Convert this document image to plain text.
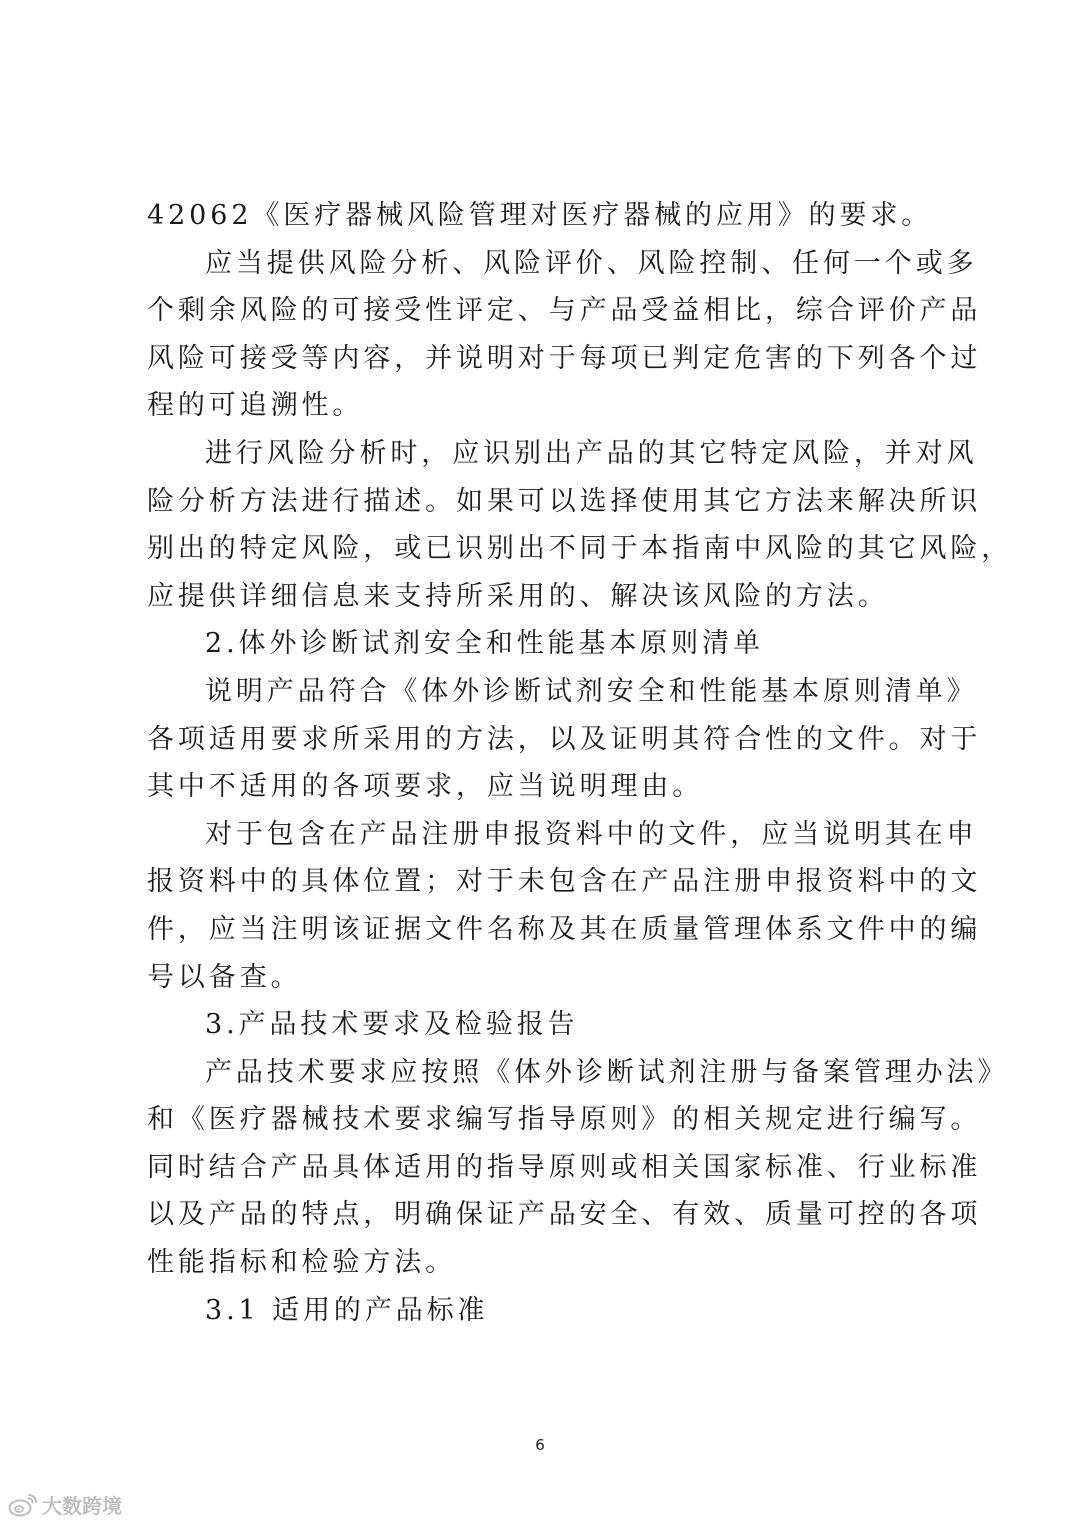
42062《医疗器械风险管理对医疗器械的应用》的要求。
应当提供风险分析、风险评价、风险控制、任何一个或多
个剩余风险的可接受性评定、与产品受益相比，综合评价产品
风险可接受等内容，并说明对于每项已判定危害的下列各个过
程的可追溯性。
进行风险分析时，应识别出产品的其它特定风险，并对风
险分析方法进行描述。如果可以选择使用其它方法来解决所识
别出的特定风险，或已识别出不同于本指南中风险的其它风险，
应提供详细信息来支持所采用的、解决该风险的方法。
2.体外诊断试剂安全和性能基本原则清单
说明产品符合《体外诊断试剂安全和性能基本原则清单》
各项适用要求所采用的方法，以及证明其符合性的文件。对于
其中不适用的各项要求，应当说明理由。
对于包含在产品注册申报资料中的文件，应当说明其在申
报资料中的具体位置；对于未包含在产品注册申报资料中的文
件，应当注明该证据文件名称及其在质量管理体系文件中的编
号以备查。
3.产品技术要求及检验报告
产品技术要求应按照《体外诊断试剂注册与备案管理办法》
和《医疗器械技术要求编写指导原则》的相关规定进行编写。
同时结合产品具体适用的指导原则或相关国家标准、行业标准
以及产品的特点，明确保证产品安全、有效、质量可控的各项
性能指标和检验方法。
3.1 适用的产品标准
6
大数跨境
